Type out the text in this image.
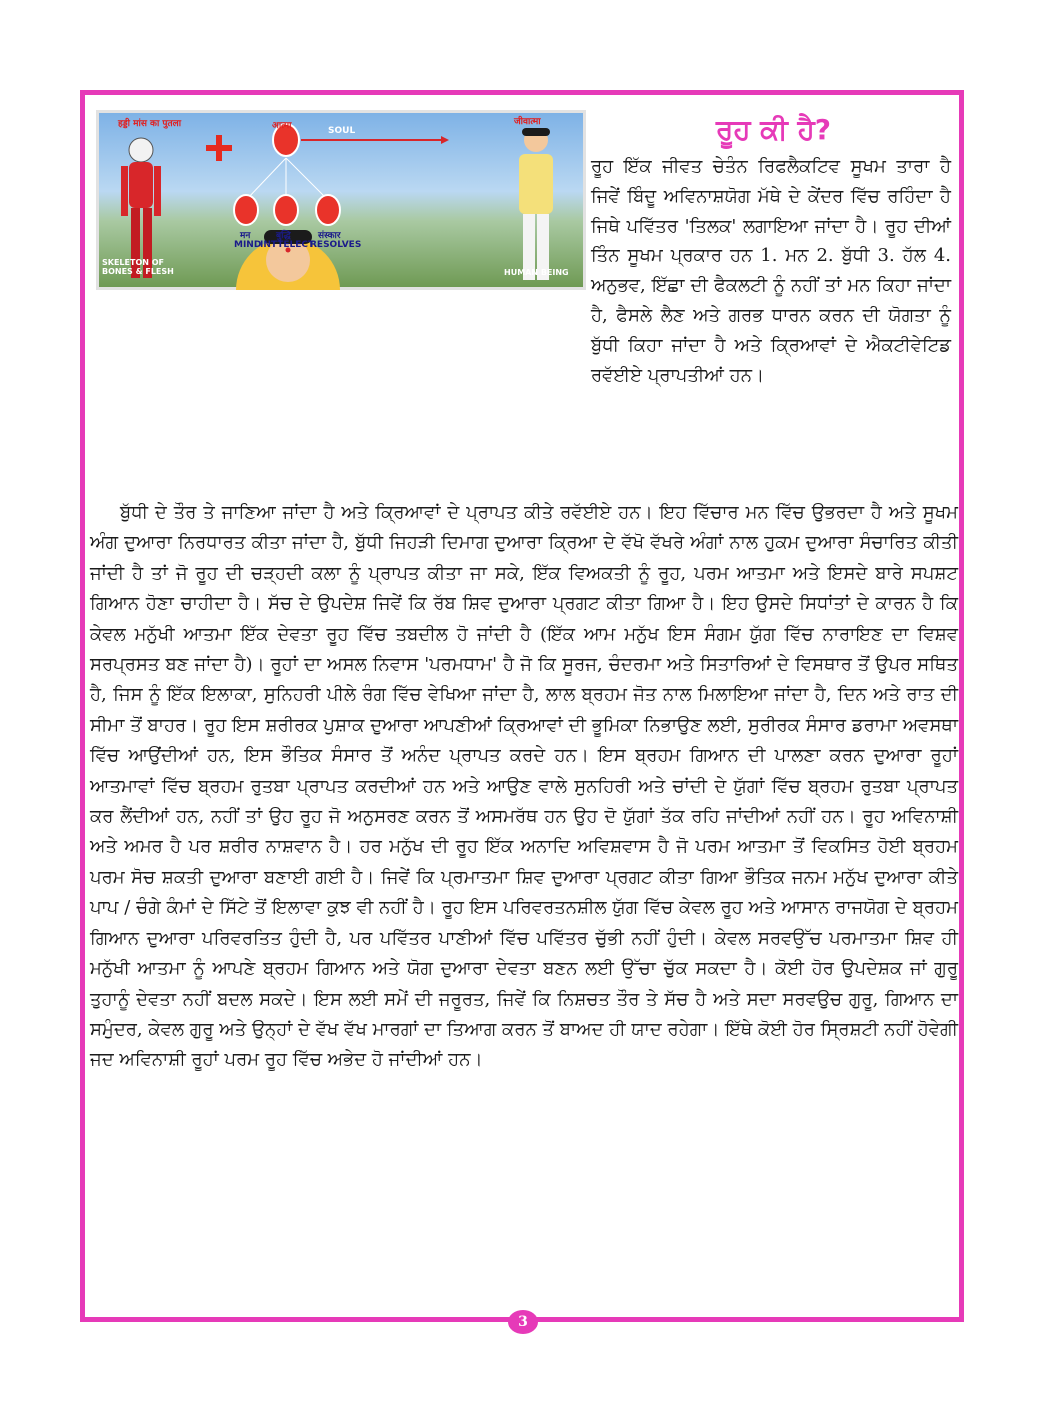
हड्डी मांस का पुतला	आत्मा	SOUL
जीवात्मा
मन
MIND
बुद्धि
INTTELECT
संस्कार
RESOLVES
SKELETON OF BONES & FLESH	HUMAN BEING
ਰੂਹ ਕੀ ਹੈ?
ਰੂਹ ਇੱਕ ਜੀਵਤ ਚੇਤੰਨ ਰਿਫਲੈਕਟਿਵ ਸੂਖਮ ਤਾਰਾ ਹੈ ਜਿਵੇਂ ਬਿੰਦੂ ਅਵਿਨਾਸ਼ਯੋਗ ਮੱਥੇ ਦੇ ਕੇਂਦਰ ਵਿੱਚ ਰਹਿੰਦਾ ਹੈ ਜਿਥੇ ਪਵਿੱਤਰ 'ਤਿਲਕ' ਲਗਾਇਆ ਜਾਂਦਾ ਹੈ। ਰੂਹ ਦੀਆਂ ਤਿੰਨ ਸੂਖਮ ਪ੍ਰਕਾਰ ਹਨ 1. ਮਨ 2. ਬੁੱਧੀ 3. ਹੱਲ 4. ਅਨੁਭਵ, ਇੱਛਾ ਦੀ ਫੈਕਲਟੀ ਨੂੰ ਨਹੀਂ ਤਾਂ ਮਨ ਕਿਹਾ ਜਾਂਦਾ ਹੈ, ਫੈਸਲੇ ਲੈਣ ਅਤੇ ਗਰਭ ਧਾਰਨ ਕਰਨ ਦੀ ਯੋਗਤਾ ਨੂੰ ਬੁੱਧੀ ਕਿਹਾ ਜਾਂਦਾ ਹੈ ਅਤੇ ਕ੍ਰਿਆਵਾਂ ਦੇ ਐਕਟੀਵੇਟਿਡ ਰਵੱਈਏ ਪ੍ਰਾਪਤੀਆਂ ਹਨ।
ਬੁੱਧੀ ਦੇ ਤੌਰ ਤੇ ਜਾਣਿਆ ਜਾਂਦਾ ਹੈ ਅਤੇ ਕ੍ਰਿਆਵਾਂ ਦੇ ਪ੍ਰਾਪਤ ਕੀਤੇ ਰਵੱਈਏ ਹਨ। ਇਹ ਵਿੱਚਾਰ ਮਨ ਵਿੱਚ ਉਭਰਦਾ ਹੈ ਅਤੇ ਸੂਖਮ ਅੰਗ ਦੁਆਰਾ ਨਿਰਧਾਰਤ ਕੀਤਾ ਜਾਂਦਾ ਹੈ, ਬੁੱਧੀ ਜਿਹੜੀ ਦਿਮਾਗ ਦੁਆਰਾ ਕ੍ਰਿਆ ਦੇ ਵੱਖੋ ਵੱਖਰੇ ਅੰਗਾਂ ਨਾਲ ਹੁਕਮ ਦੁਆਰਾ ਸੰਚਾਰਿਤ ਕੀਤੀ ਜਾਂਦੀ ਹੈ ਤਾਂ ਜੋ ਰੂਹ ਦੀ ਚੜ੍ਹਦੀ ਕਲਾ ਨੂੰ ਪ੍ਰਾਪਤ ਕੀਤਾ ਜਾ ਸਕੇ, ਇੱਕ ਵਿਅਕਤੀ ਨੂੰ ਰੂਹ, ਪਰਮ ਆਤਮਾ ਅਤੇ ਇਸਦੇ ਬਾਰੇ ਸਪਸ਼ਟ ਗਿਆਨ ਹੋਣਾ ਚਾਹੀਦਾ ਹੈ। ਸੱਚ ਦੇ ਉਪਦੇਸ਼ ਜਿਵੇਂ ਕਿ ਰੱਬ ਸ਼ਿਵ ਦੁਆਰਾ ਪ੍ਰਗਟ ਕੀਤਾ ਗਿਆ ਹੈ। ਇਹ ਉਸਦੇ ਸਿਧਾਂਤਾਂ ਦੇ ਕਾਰਨ ਹੈ ਕਿ ਕੇਵਲ ਮਨੁੱਖੀ ਆਤਮਾ ਇੱਕ ਦੇਵਤਾ ਰੂਹ ਵਿੱਚ ਤਬਦੀਲ ਹੋ ਜਾਂਦੀ ਹੈ (ਇੱਕ ਆਮ ਮਨੁੱਖ ਇਸ ਸੰਗਮ ਯੁੱਗ ਵਿੱਚ ਨਾਰਾਇਣ ਦਾ ਵਿਸ਼ਵ ਸਰਪ੍ਰਸਤ ਬਣ ਜਾਂਦਾ ਹੈ)। ਰੂਹਾਂ ਦਾ ਅਸਲ ਨਿਵਾਸ 'ਪਰਮਧਾਮ' ਹੈ ਜੋ ਕਿ ਸੂਰਜ, ਚੰਦਰਮਾ ਅਤੇ ਸਿਤਾਰਿਆਂ ਦੇ ਵਿਸਥਾਰ ਤੋਂ ਉਪਰ ਸਥਿਤ ਹੈ, ਜਿਸ ਨੂੰ ਇੱਕ ਇਲਾਕਾ, ਸੁਨਿਹਰੀ ਪੀਲੇ ਰੰਗ ਵਿੱਚ ਵੇਖਿਆ ਜਾਂਦਾ ਹੈ, ਲਾਲ ਬ੍ਰਹਮ ਜੋਤ ਨਾਲ ਮਿਲਾਇਆ ਜਾਂਦਾ ਹੈ, ਦਿਨ ਅਤੇ ਰਾਤ ਦੀ ਸੀਮਾ ਤੋਂ ਬਾਹਰ। ਰੂਹ ਇਸ ਸ਼ਰੀਰਕ ਪੁਸ਼ਾਕ ਦੁਆਰਾ ਆਪਣੀਆਂ ਕ੍ਰਿਆਵਾਂ ਦੀ ਭੂਮਿਕਾ ਨਿਭਾਉਣ ਲਈ, ਸੁਰੀਰਕ ਸੰਸਾਰ ਡਰਾਮਾ ਅਵਸਥਾ ਵਿੱਚ ਆਉਂਦੀਆਂ ਹਨ, ਇਸ ਭੌਤਿਕ ਸੰਸਾਰ ਤੋਂ ਅਨੰਦ ਪ੍ਰਾਪਤ ਕਰਦੇ ਹਨ। ਇਸ ਬ੍ਰਹਮ ਗਿਆਨ ਦੀ ਪਾਲਣਾ ਕਰਨ ਦੁਆਰਾ ਰੂਹਾਂ ਆਤਮਾਵਾਂ ਵਿੱਚ ਬ੍ਰਹਮ ਰੁਤਬਾ ਪ੍ਰਾਪਤ ਕਰਦੀਆਂ ਹਨ ਅਤੇ ਆਉਣ ਵਾਲੇ ਸੁਨਹਿਰੀ ਅਤੇ ਚਾਂਦੀ ਦੇ ਯੁੱਗਾਂ ਵਿੱਚ ਬ੍ਰਹਮ ਰੁਤਬਾ ਪ੍ਰਾਪਤ ਕਰ ਲੈਂਦੀਆਂ ਹਨ, ਨਹੀਂ ਤਾਂ ਉਹ ਰੂਹ ਜੋ ਅਨੁਸਰਣ ਕਰਨ ਤੋਂ ਅਸਮਰੱਥ ਹਨ ਉਹ ਦੋ ਯੁੱਗਾਂ ਤੱਕ ਰਹਿ ਜਾਂਦੀਆਂ ਨਹੀਂ ਹਨ। ਰੂਹ ਅਵਿਨਾਸ਼ੀ ਅਤੇ ਅਮਰ ਹੈ ਪਰ ਸ਼ਰੀਰ ਨਾਸ਼ਵਾਨ ਹੈ। ਹਰ ਮਨੁੱਖ ਦੀ ਰੂਹ ਇੱਕ ਅਨਾਦਿ ਅਵਿਸ਼ਵਾਸ ਹੈ ਜੋ ਪਰਮ ਆਤਮਾ ਤੋਂ ਵਿਕਸਿਤ ਹੋਈ ਬ੍ਰਹਮ ਪਰਮ ਸੋਚ ਸ਼ਕਤੀ ਦੁਆਰਾ ਬਣਾਈ ਗਈ ਹੈ। ਜਿਵੇਂ ਕਿ ਪ੍ਰਮਾਤਮਾ ਸ਼ਿਵ ਦੁਆਰਾ ਪ੍ਰਗਟ ਕੀਤਾ ਗਿਆ ਭੌਤਿਕ ਜਨਮ ਮਨੁੱਖ ਦੁਆਰਾ ਕੀਤੇ ਪਾਪ / ਚੰਗੇ ਕੰਮਾਂ ਦੇ ਸਿੱਟੇ ਤੋਂ ਇਲਾਵਾ ਕੁਝ ਵੀ ਨਹੀਂ ਹੈ। ਰੂਹ ਇਸ ਪਰਿਵਰਤਨਸ਼ੀਲ ਯੁੱਗ ਵਿੱਚ ਕੇਵਲ ਰੂਹ ਅਤੇ ਆਸਾਨ ਰਾਜਯੋਗ ਦੇ ਬ੍ਰਹਮ ਗਿਆਨ ਦੁਆਰਾ ਪਰਿਵਰਤਿਤ ਹੁੰਦੀ ਹੈ, ਪਰ ਪਵਿੱਤਰ ਪਾਣੀਆਂ ਵਿੱਚ ਪਵਿੱਤਰ ਚੁੱਭੀ ਨਹੀਂ ਹੁੰਦੀ। ਕੇਵਲ ਸਰਵਉੱਚ ਪਰਮਾਤਮਾ ਸ਼ਿਵ ਹੀ ਮਨੁੱਖੀ ਆਤਮਾ ਨੂੰ ਆਪਣੇ ਬ੍ਰਹਮ ਗਿਆਨ ਅਤੇ ਯੋਗ ਦੁਆਰਾ ਦੇਵਤਾ ਬਣਨ ਲਈ ਉੱਚਾ ਚੁੱਕ ਸਕਦਾ ਹੈ। ਕੋਈ ਹੋਰ ਉਪਦੇਸ਼ਕ ਜਾਂ ਗੁਰੂ ਤੁਹਾਨੂੰ ਦੇਵਤਾ ਨਹੀਂ ਬਦਲ ਸਕਦੇ। ਇਸ ਲਈ ਸਮੇਂ ਦੀ ਜਰੂਰਤ, ਜਿਵੇਂ ਕਿ ਨਿਸ਼ਚਤ ਤੌਰ ਤੇ ਸੱਚ ਹੈ ਅਤੇ ਸਦਾ ਸਰਵਉਚ ਗੁਰੂ, ਗਿਆਨ ਦਾ ਸਮੁੰਦਰ, ਕੇਵਲ ਗੁਰੂ ਅਤੇ ਉਨ੍ਹਾਂ ਦੇ ਵੱਖ ਵੱਖ ਮਾਰਗਾਂ ਦਾ ਤਿਆਗ ਕਰਨ ਤੋਂ ਬਾਅਦ ਹੀ ਯਾਦ ਰਹੇਗਾ। ਇੱਥੇ ਕੋਈ ਹੋਰ ਸ੍ਰਿਸ਼ਟੀ ਨਹੀਂ ਹੋਵੇਗੀ ਜਦ ਅਵਿਨਾਸ਼ੀ ਰੂਹਾਂ ਪਰਮ ਰੂਹ ਵਿੱਚ ਅਭੇਦ ਹੋ ਜਾਂਦੀਆਂ ਹਨ।
3
